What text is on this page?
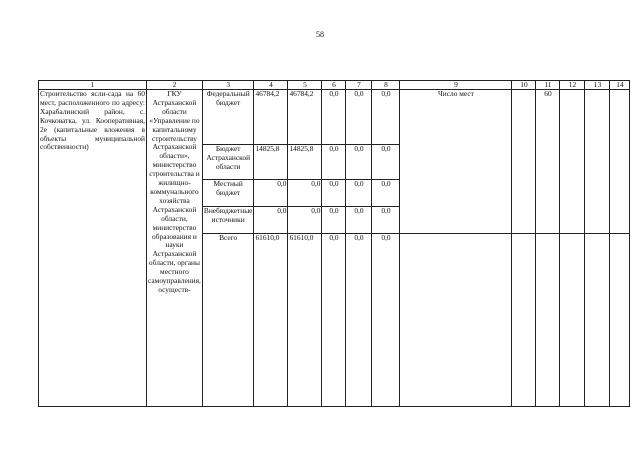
58
1	2	3	4	5	6	7	8	9	10	11	12	13	14
Строительство ясли-сада на 60 мест, расположенного по адресу: Харабалинский район, с. Кочковатка, ул. Кооперативная, 2е (капитальные вложения в объекты муниципальной собственности)	ГКУ Астраханской области «Управление по капитальному строительству Астраханской области», министерство строительства и жилищно-коммунального хозяйства Астраханской области, министерство образования и науки Астраханской области, органы местного самоуправления, осуществ-	Федеральный бюджет	46784,2	46784,2	0,0	0,0	0,0	Число мест		60			
		Бюджет Астраханской области	14825,8	14825,8	0,0	0,0	0,0						
		Местный бюджет	0,0	0,0	0,0	0,0	0,0						
		Внебюджетные источники	0,0	0,0	0,0	0,0	0,0						
		Всего	61610,0	61610,0	0,0	0,0	0,0						
